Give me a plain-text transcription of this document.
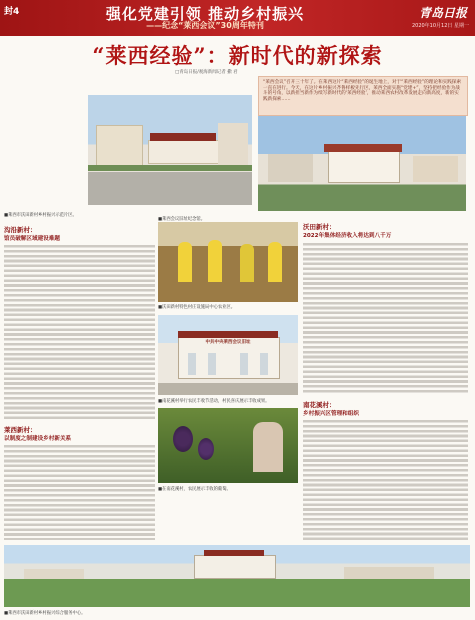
封4	强化党建引领 推动乡村振兴
——纪念“莱西会议”30周年特刊
青岛日报
2020年10月12日 星期一
“莱西经验”：新时代的新探索
□青岛日报/观海新闻记者 撒 君
“莱西会议”召开三十年了。在莱西这片“莱西经验”的诞生地上，对于“莱西经验”的理论和实践探索一直在进行。今天，在这片乡村振兴齐鲁样板先行区，莱西全面实施“党建+”，坚持把经验作为战斗的号角，以新担当新作为续写新时代的‘莱西经验’，推动莱西农村改革发展走向新高度，新的实践新探索……
沟沿新村：
馆员破解区域建设难题
莱西新村：
以制度之制建设乡村新关系
■莱西市沃田新村乡村振兴示范片区。
■莱西会议旧址纪念馆。
■沃田新村特色村庄设施局中心农业区。
中共中央莱西会议旧址
■南花溪村举行农民丰收节活动，村民喜庆展示丰收成果。
■在南花溪村，农民展示丰收的葡萄。
沃田新村：
2022年集体经济收入将达到八千万
南花溪村：
乡村振兴区管理和组织
■莱西市沃田新村乡村振兴综合服务中心。
